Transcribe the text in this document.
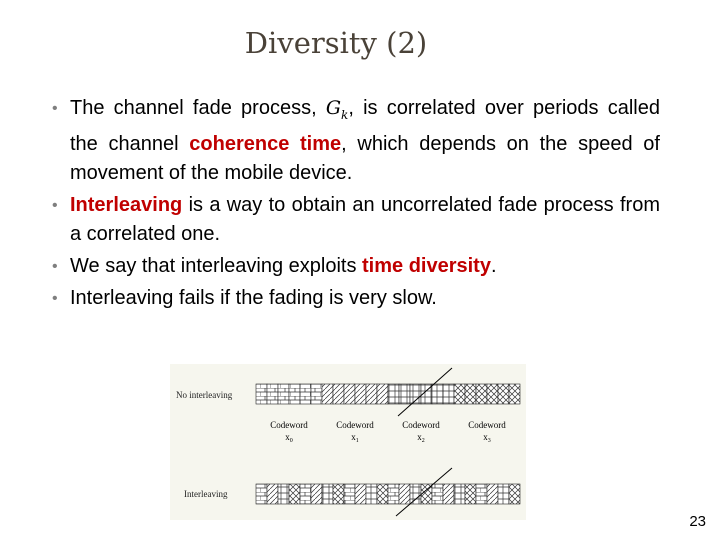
Diversity (2)
• The channel fade process, $G_k$, is correlated over periods called the channel coherence time, which depends on the speed of movement of the mobile device.
• Interleaving is a way to obtain an uncorrelated fade process from a correlated one.
• We say that interleaving exploits time diversity.
• Interleaving fails if the fading is very slow.
No interleaving
Interleaving
Codeword
$x_0$
Codeword
$x_1$
Codeword
$x_2$
Codeword
$x_3$
23
